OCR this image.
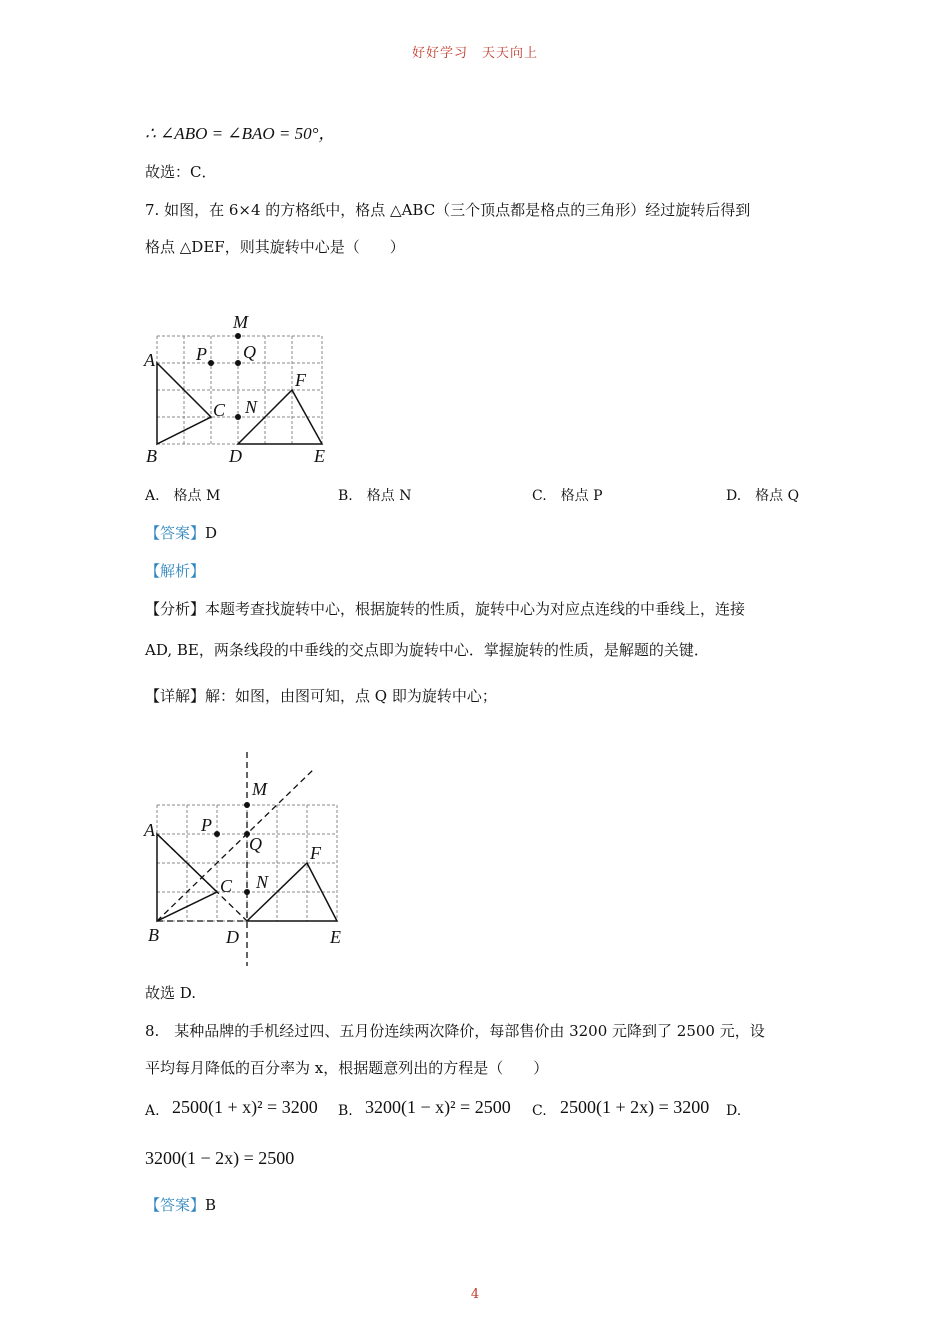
好好学习　天天向上
∴ ∠ABO = ∠BAO = 50°，
故选：C．
7. 如图，在 6×4 的方格纸中，格点 △ABC（三个顶点都是格点的三角形）经过旋转后得到
格点 △DEF，则其旋转中心是（　　）
M
A P Q
F
C N
B	D	E
A.　格点 M	B.　格点 N	C.　格点 P	D.　格点 Q
【答案】D
【解析】
【分析】本题考查找旋转中心，根据旋转的性质，旋转中心为对应点连线的中垂线上，连接
AD, BE，两条线段的中垂线的交点即为旋转中心．掌握旋转的性质，是解题的关键．
【详解】解：如图，由图可知，点 Q 即为旋转中心；
M
A	P
Q	F
C N
B	D	E
故选 D.
8.　某种品牌的手机经过四、五月份连续两次降价，每部售价由 3200 元降到了 2500 元，设
平均每月降低的百分率为 x，根据题意列出的方程是（　　）
A. 2500(1 + x)² = 3200 B. 3200(1 − x)² = 2500 C. 2500(1 + 2x) = 3200 D.
3200(1 − 2x) = 2500
【答案】B
4
